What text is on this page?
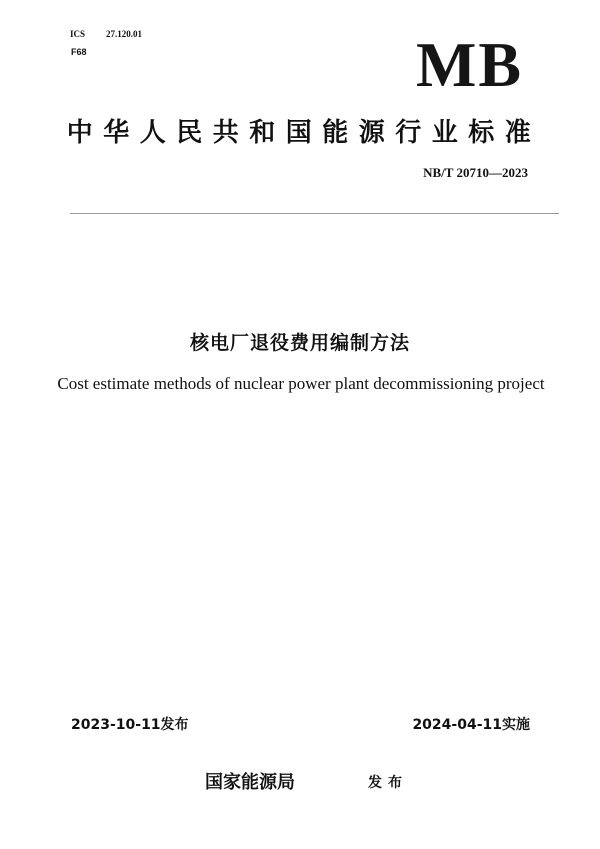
ICS 27.120.01
F68	MB
中华人民共和国能源行业标准
NB/T 20710—2023
核电厂退役费用编制方法
Cost estimate methods of nuclear power plant decommissioning project
2023-10-11发布	2024-04-11实施
国家能源局	发布
